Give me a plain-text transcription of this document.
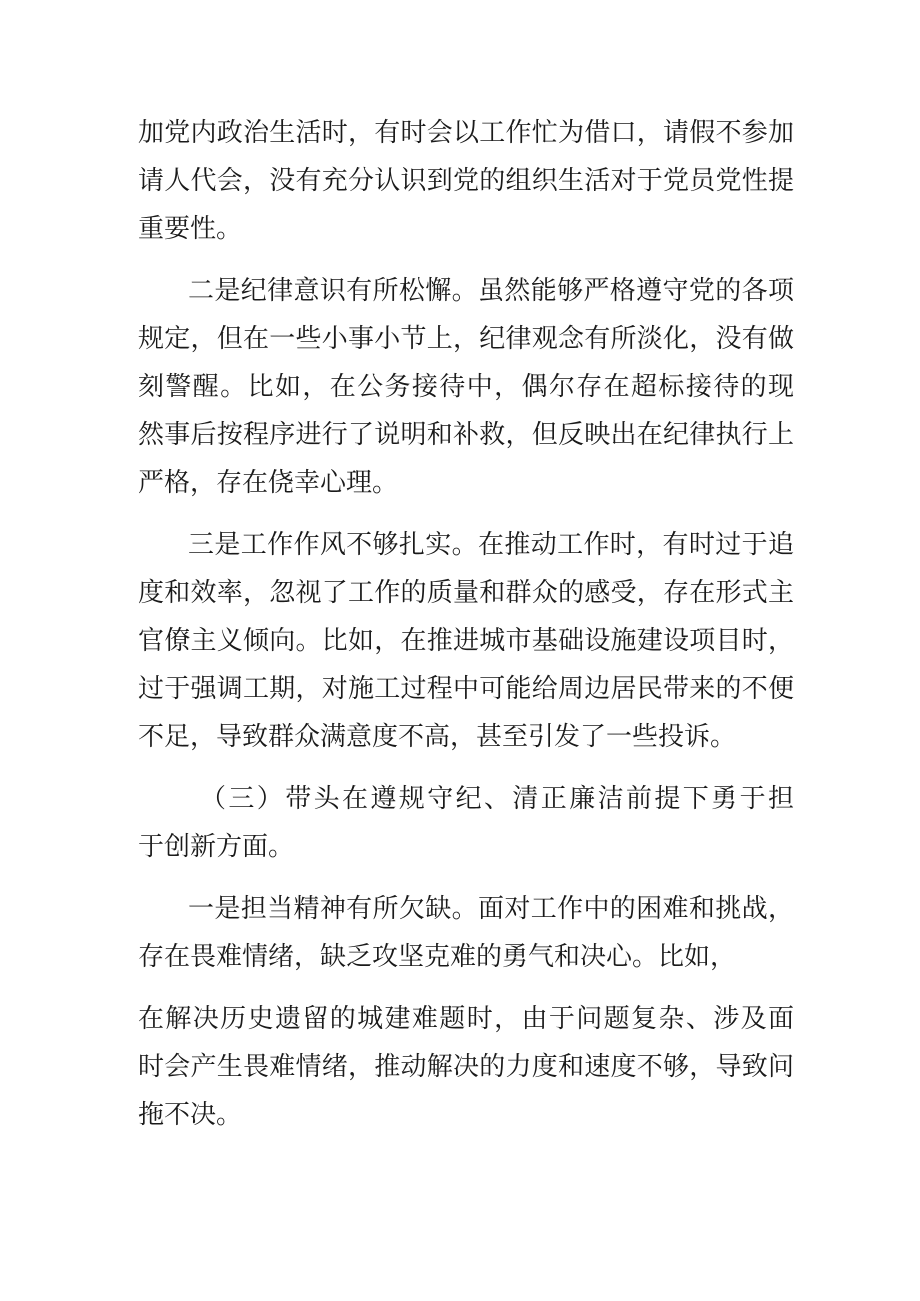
加党内政治生活时，有时会以工作忙为借口，请假不参加
请人代会，没有充分认识到党的组织生活对于党员党性提
重要性。
二是纪律意识有所松懈。虽然能够严格遵守党的各项
规定，但在一些小事小节上，纪律观念有所淡化，没有做
刻警醒。比如，在公务接待中，偶尔存在超标接待的现
然事后按程序进行了说明和补救，但反映出在纪律执行上
严格，存在侥幸心理。
三是工作作风不够扎实。在推动工作时，有时过于追
度和效率，忽视了工作的质量和群众的感受，存在形式主
官僚主义倾向。比如，在推进城市基础设施建设项目时，
过于强调工期，对施工过程中可能给周边居民带来的不便
不足，导致群众满意度不高，甚至引发了一些投诉。
（三）带头在遵规守纪、清正廉洁前提下勇于担
于创新方面。
一是担当精神有所欠缺。面对工作中的困难和挑战，
存在畏难情绪，缺乏攻坚克难的勇气和决心。比如，
在解决历史遗留的城建难题时，由于问题复杂、涉及面
时会产生畏难情绪，推动解决的力度和速度不够，导致问
拖不决。
